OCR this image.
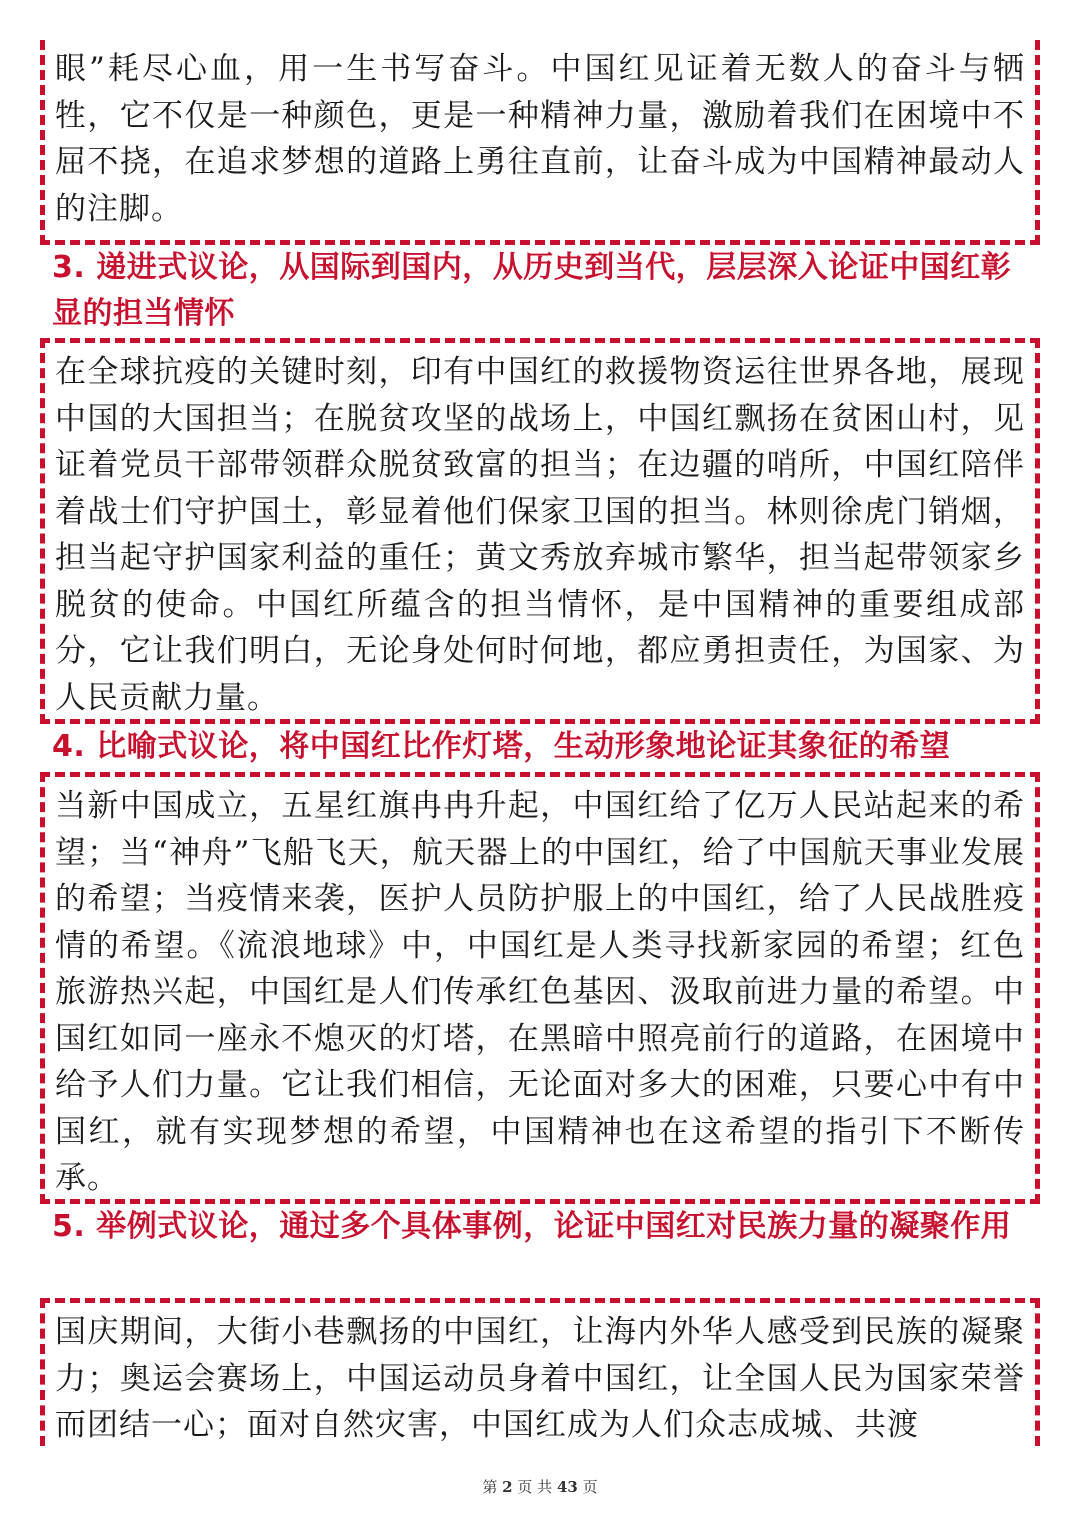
眼”耗尽心血，用一生书写奋斗。中国红见证着无数人的奋斗与牺牲，它不仅是一种颜色，更是一种精神力量，激励着我们在困境中不屈不挠，在追求梦想的道路上勇往直前，让奋斗成为中国精神最动人的注脚。

3. 递进式议论，从国际到国内，从历史到当代，层层深入论证中国红彰显的担当情怀

在全球抗疫的关键时刻，印有中国红的救援物资运往世界各地，展现中国的大国担当；在脱贫攻坚的战场上，中国红飘扬在贫困山村，见证着党员干部带领群众脱贫致富的担当；在边疆的哨所，中国红陪伴着战士们守护国土，彰显着他们保家卫国的担当。林则徐虎门销烟，担当起守护国家利益的重任；黄文秀放弃城市繁华，担当起带领家乡脱贫的使命。中国红所蕴含的担当情怀，是中国精神的重要组成部分，它让我们明白，无论身处何时何地，都应勇担责任，为国家、为人民贡献力量。

4. 比喻式议论，将中国红比作灯塔，生动形象地论证其象征的希望

当新中国成立，五星红旗冉冉升起，中国红给了亿万人民站起来的希望；当“神舟”飞船飞天，航天器上的中国红，给了中国航天事业发展的希望；当疫情来袭，医护人员防护服上的中国红，给了人民战胜疫情的希望。《流浪地球》中，中国红是人类寻找新家园的希望；红色旅游热兴起，中国红是人们传承红色基因、汲取前进力量的希望。中国红如同一座永不熄灭的灯塔，在黑暗中照亮前行的道路，在困境中给予人们力量。它让我们相信，无论面对多大的困难，只要心中有中国红，就有实现梦想的希望，中国精神也在这希望的指引下不断传承。

5. 举例式议论，通过多个具体事例，论证中国红对民族力量的凝聚作用

国庆期间，大街小巷飘扬的中国红，让海内外华人感受到民族的凝聚力；奥运会赛场上，中国运动员身着中国红，让全国人民为国家荣誉而团结一心；面对自然灾害，中国红成为人们众志成城、共渡

第 2 页 共 43 页
